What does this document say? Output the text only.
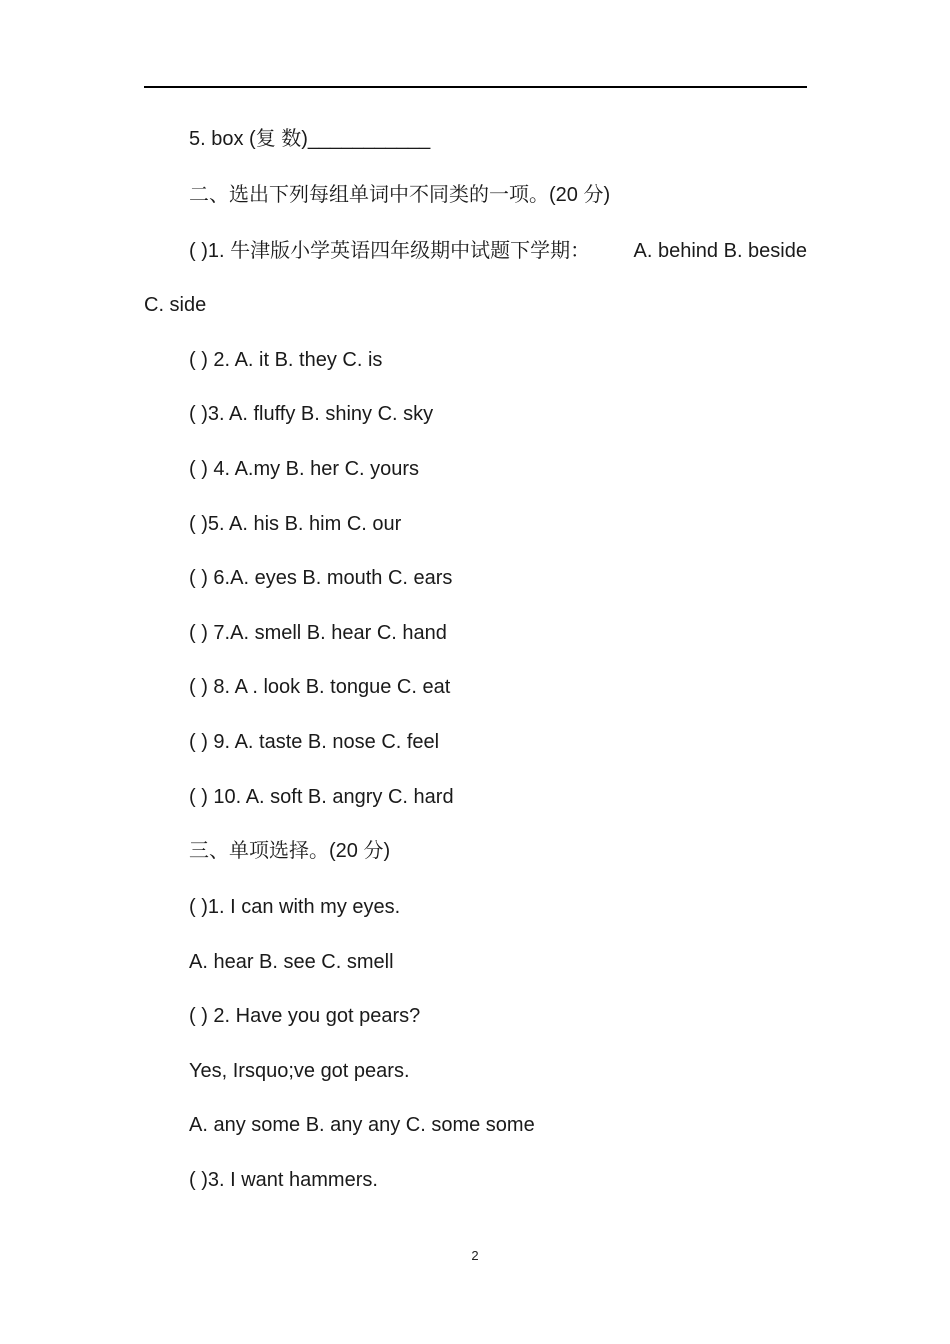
5. box (复 数)___________
二、选出下列每组单词中不同类的一项。(20 分)
( )1. 牛津版小学英语四年级期中试题下学期： A. behind B. beside
C. side
( ) 2. A. it B. they C. is
( )3. A. fluffy B. shiny C. sky
( ) 4. A.my B. her C. yours
( )5. A. his B. him C. our
( ) 6.A. eyes B. mouth C. ears
( ) 7.A. smell B. hear C. hand
( ) 8. A . look B. tongue C. eat
( ) 9. A. taste B. nose C. feel
( ) 10. A. soft B. angry C. hard
三、单项选择。(20 分)
( )1. I can with my eyes.
A. hear B. see C. smell
( ) 2. Have you got pears?
Yes, Irsquo;ve got pears.
A. any some B. any any C. some some
( )3. I want hammers.
2
